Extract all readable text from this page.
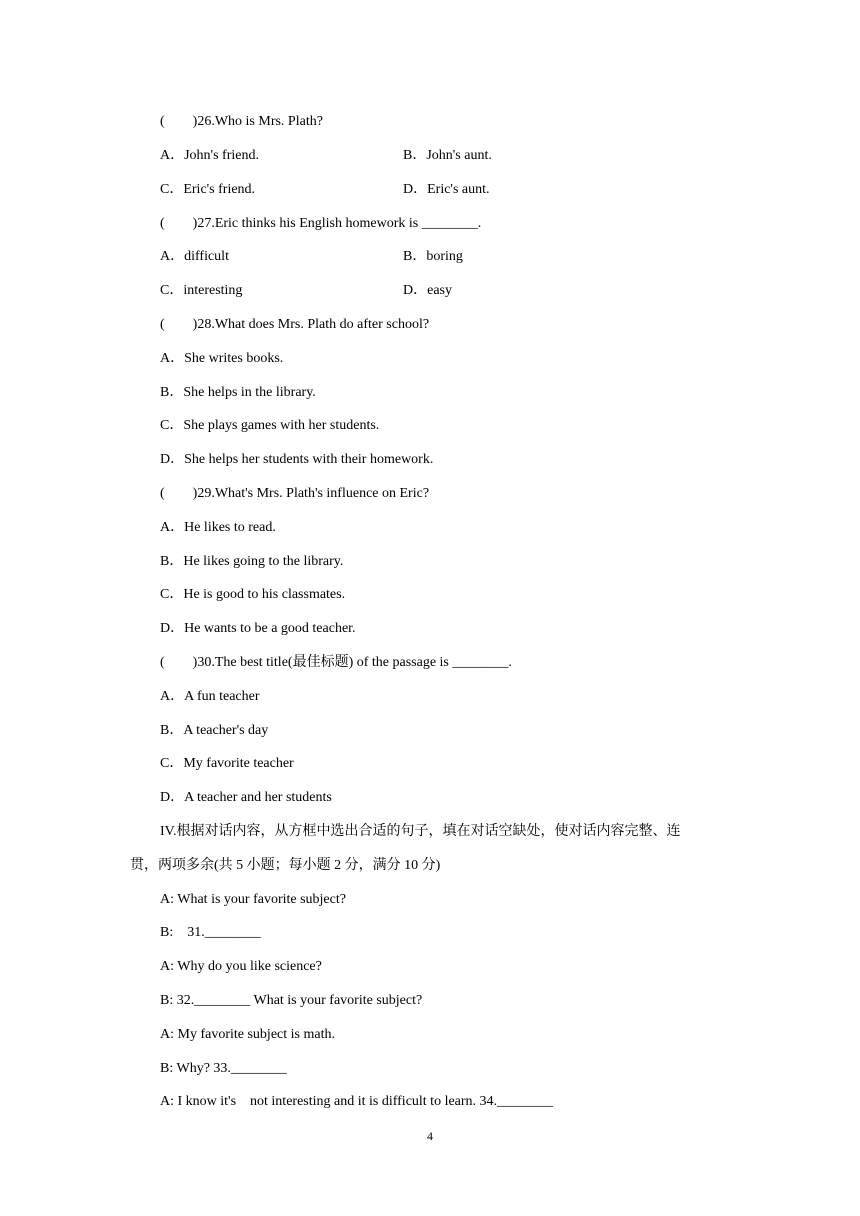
(        )26.Who is Mrs. Plath?
A．John's friend.	B．John's aunt.
C．Eric's friend.	D．Eric's aunt.
(        )27.Eric thinks his English homework is ________.
A．difficult	B．boring
C．interesting	D．easy
(        )28.What does Mrs. Plath do after school?
A．She writes books.
B．She helps in the library.
C．She plays games with her students.
D．She helps her students with their homework.
(        )29.What's Mrs. Plath's influence on Eric?
A．He likes to read.
B．He likes going to the library.
C．He is good to his classmates.
D．He wants to be a good teacher.
(        )30.The best title(最佳标题) of the passage is ________.
A．A fun teacher
B．A teacher's day
C．My favorite teacher
D．A teacher and her students
IV.根据对话内容，从方框中选出合适的句子，填在对话空缺处，使对话内容完整、连
贯，两项多余(共 5 小题；每小题 2 分，满分 10 分)
A: What is your favorite subject?
B:    31.________
A: Why do you like science?
B: 32.________ What is your favorite subject?
A: My favorite subject is math.
B: Why? 33.________
A: I know it's    not interesting and it is difficult to learn. 34.________
4
